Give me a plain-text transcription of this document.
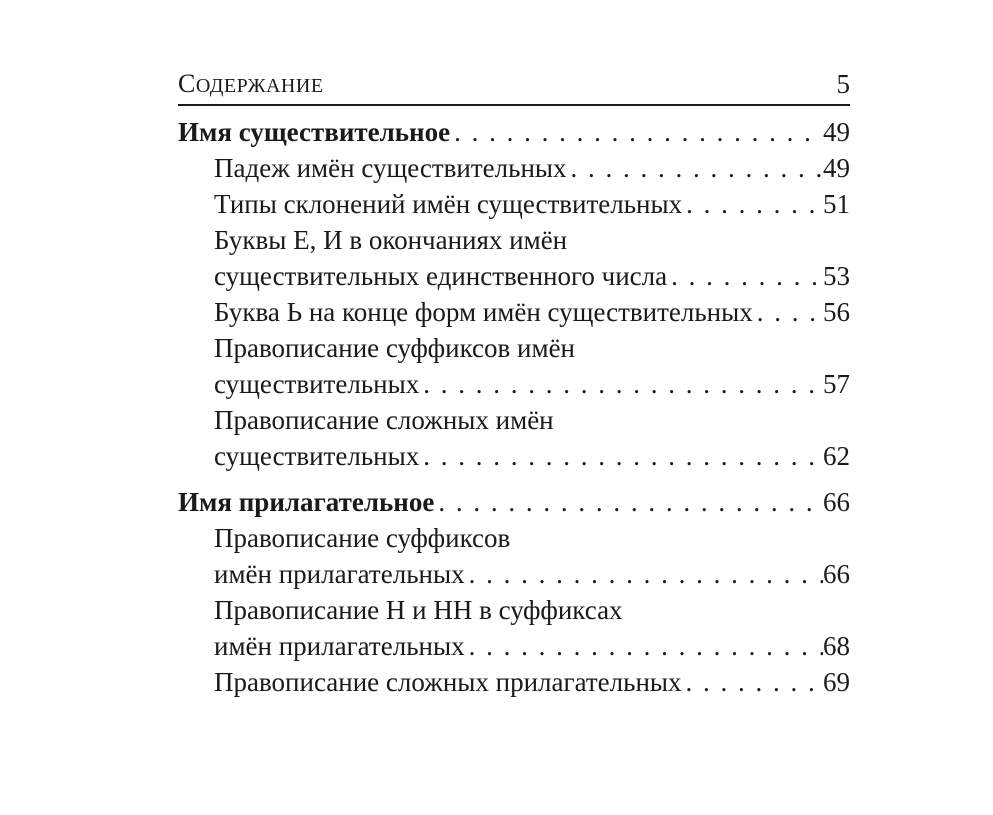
СОДЕРЖАНИЕ	5
Имя существительное . . .	49
Падеж имён существительных . . .	49
Типы склонений имён существительных . . .	51
Буквы Е, И в окончаниях имён
существительных единственного числа . . .	53
Буква Ь на конце форм имён существительных . . .	56
Правописание суффиксов имён
существительных . . .	57
Правописание сложных имён
существительных . . .	62
Имя прилагательное . . .	66
Правописание суффиксов
имён прилагательных . . .	66
Правописание Н и НН в суффиксах
имён прилагательных . . .	68
Правописание сложных прилагательных . . .	69
